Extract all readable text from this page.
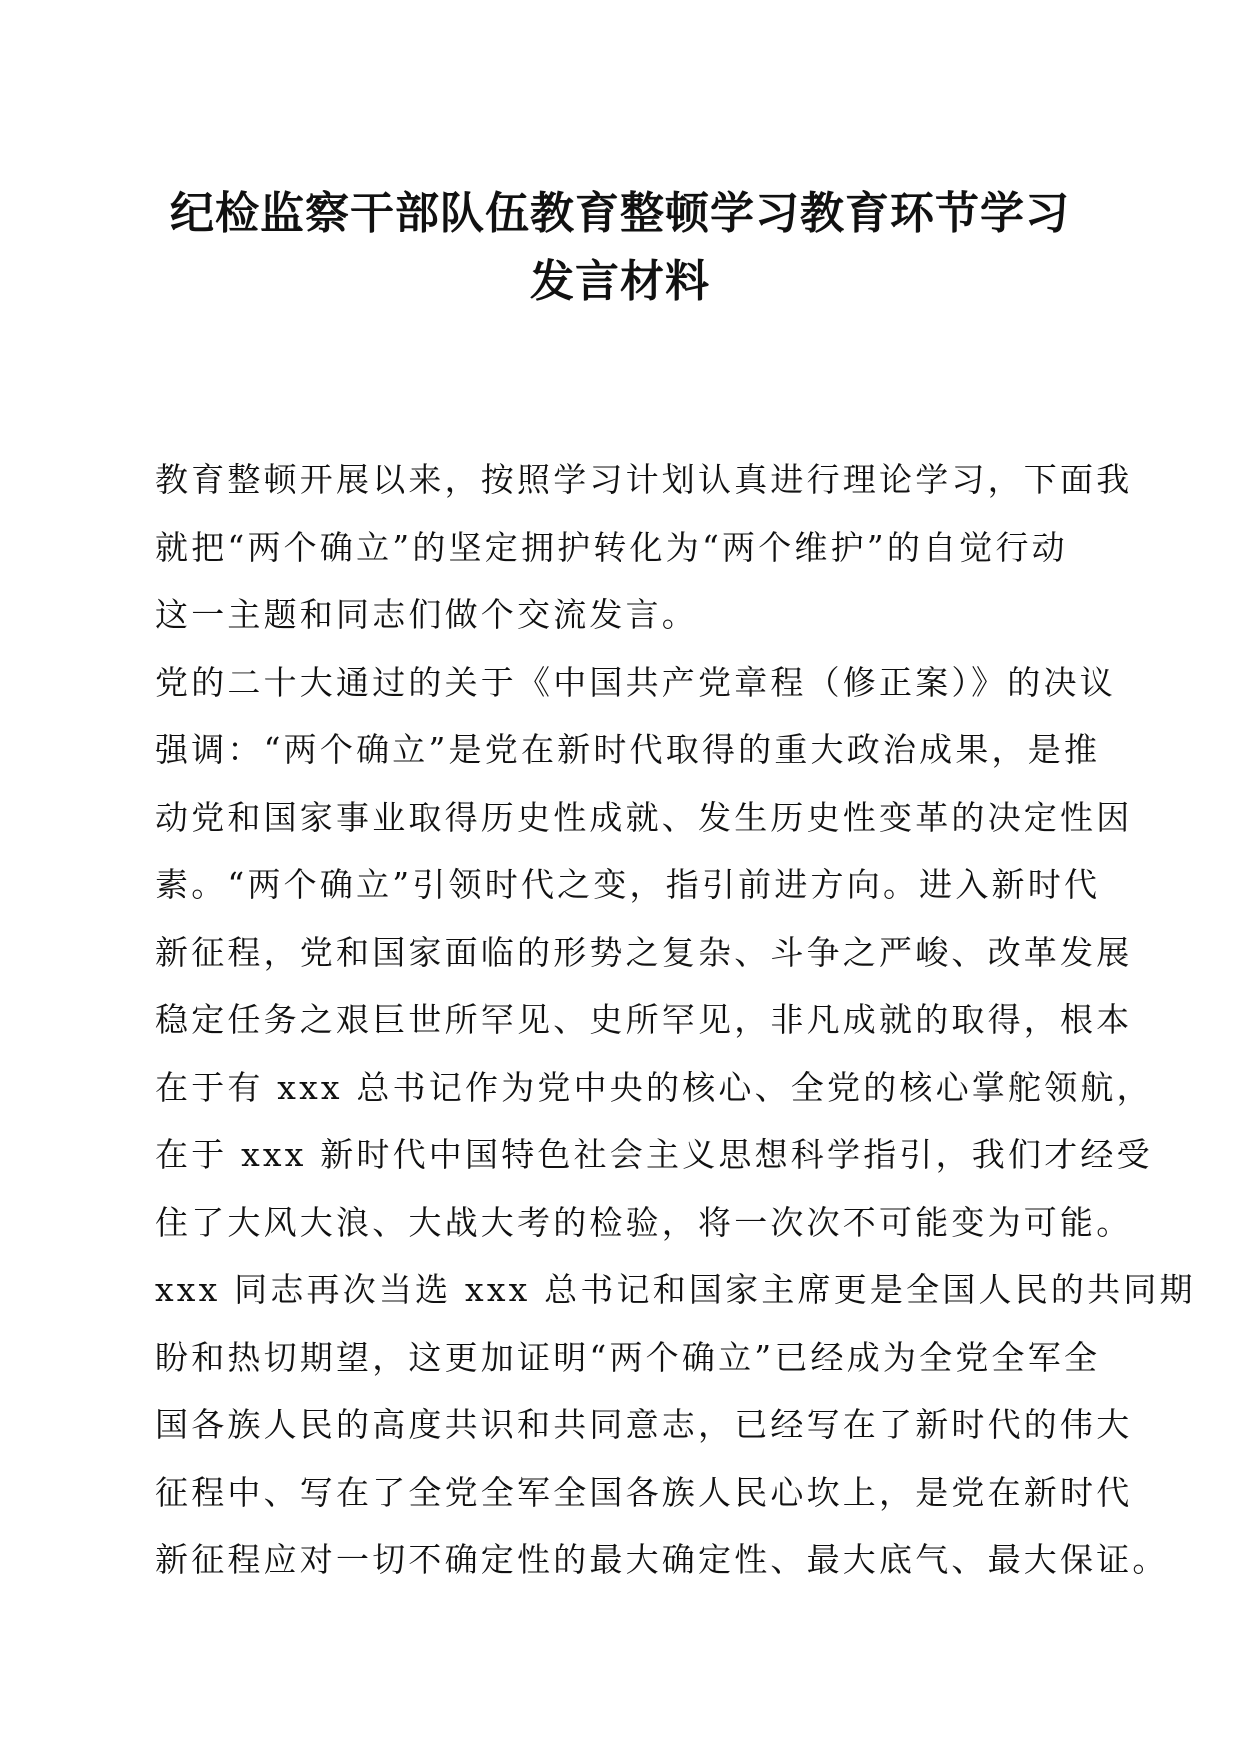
纪检监察干部队伍教育整顿学习教育环节学习
发言材料
教育整顿开展以来，按照学习计划认真进行理论学习，下面我
就把“两个确立”的坚定拥护转化为“两个维护”的自觉行动
这一主题和同志们做个交流发言。
党的二十大通过的关于《中国共产党章程（修正案）》的决议
强调：“两个确立”是党在新时代取得的重大政治成果，是推
动党和国家事业取得历史性成就、发生历史性变革的决定性因
素。“两个确立”引领时代之变，指引前进方向。进入新时代
新征程，党和国家面临的形势之复杂、斗争之严峻、改革发展
稳定任务之艰巨世所罕见、史所罕见，非凡成就的取得，根本
在于有 xxx 总书记作为党中央的核心、全党的核心掌舵领航，
在于 xxx 新时代中国特色社会主义思想科学指引，我们才经受
住了大风大浪、大战大考的检验，将一次次不可能变为可能。
xxx 同志再次当选 xxx 总书记和国家主席更是全国人民的共同期
盼和热切期望，这更加证明“两个确立”已经成为全党全军全
国各族人民的高度共识和共同意志，已经写在了新时代的伟大
征程中、写在了全党全军全国各族人民心坎上，是党在新时代
新征程应对一切不确定性的最大确定性、最大底气、最大保证。
